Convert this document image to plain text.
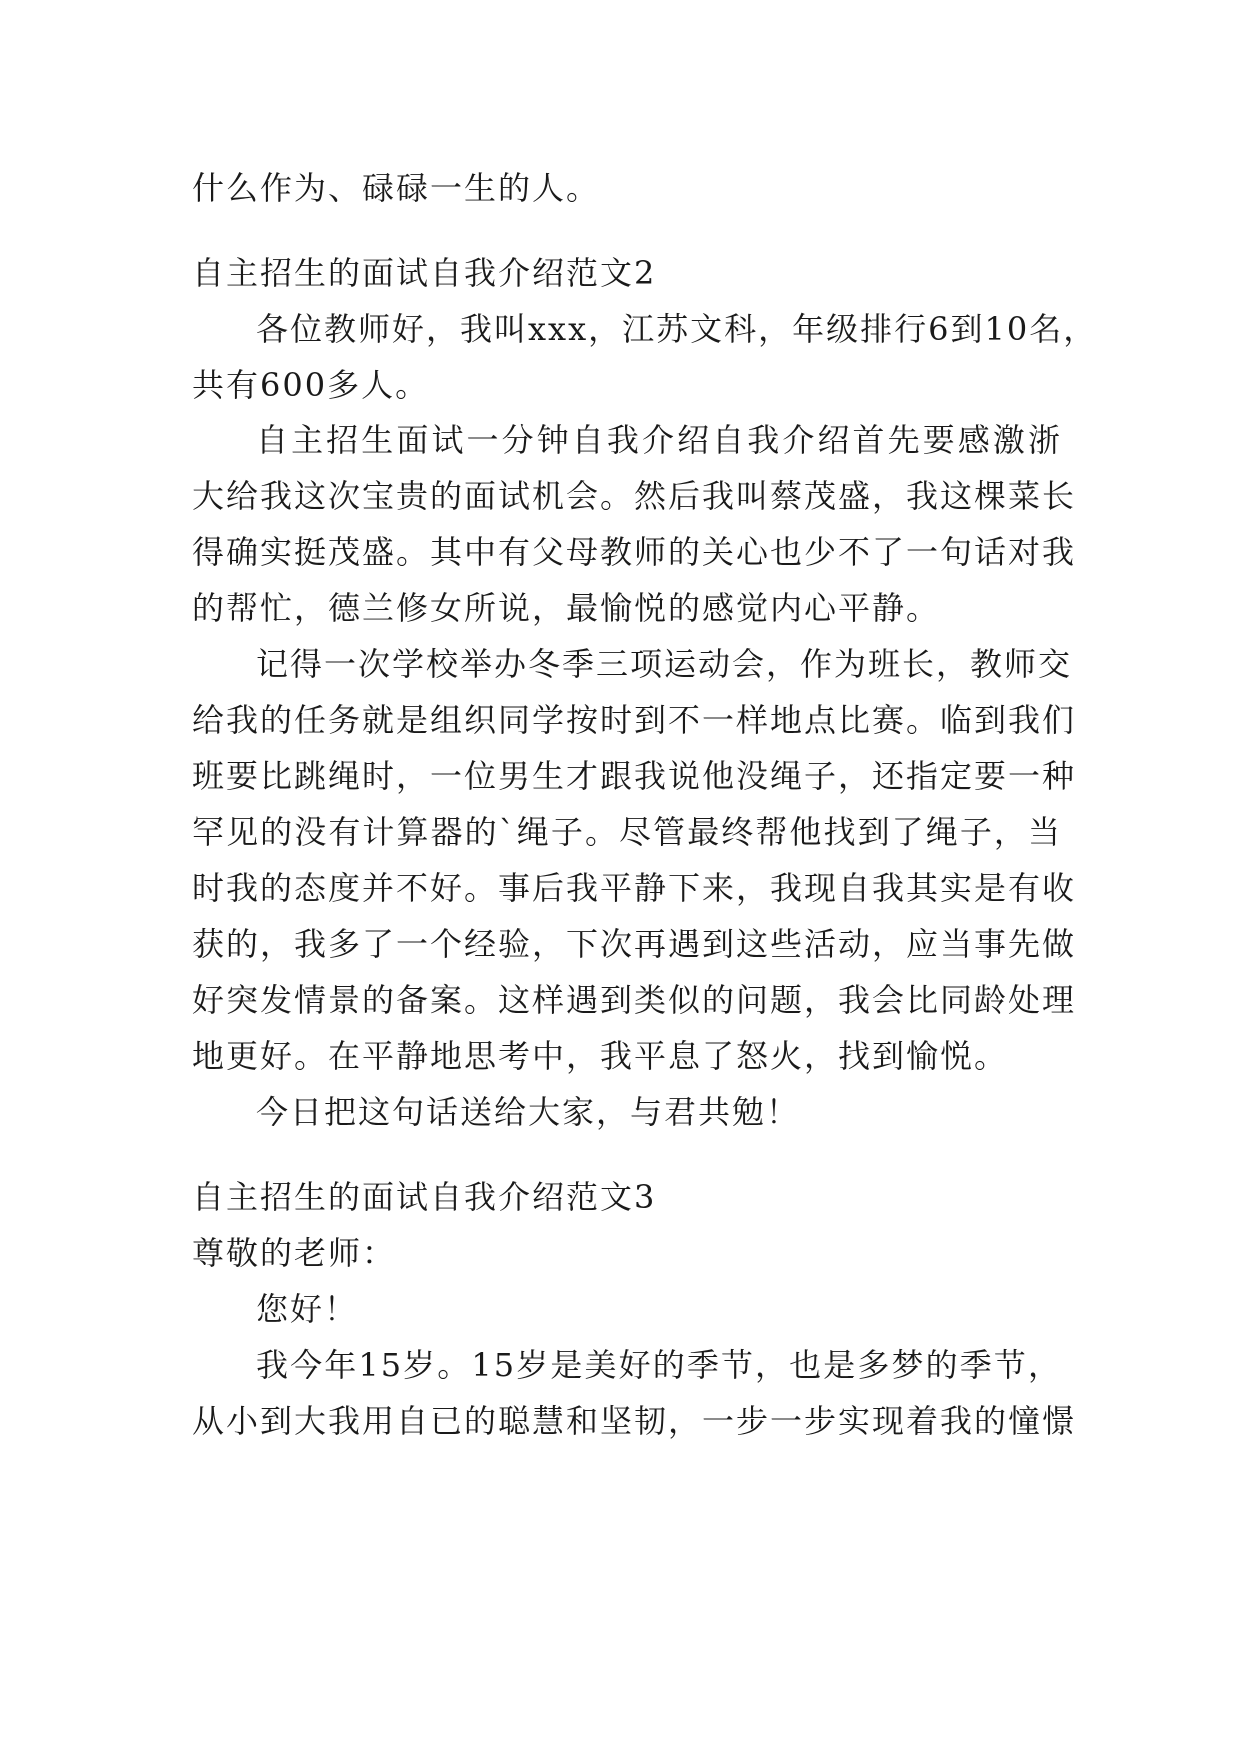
什么作为、碌碌一生的人。
自主招生的面试自我介绍范文2
各位教师好，我叫xxx，江苏文科，年级排行6到10名，
共有600多人。
自主招生面试一分钟自我介绍自我介绍首先要感激浙
大给我这次宝贵的面试机会。然后我叫蔡茂盛，我这棵菜长
得确实挺茂盛。其中有父母教师的关心也少不了一句话对我
的帮忙，德兰修女所说，最愉悦的感觉内心平静。
记得一次学校举办冬季三项运动会，作为班长，教师交
给我的任务就是组织同学按时到不一样地点比赛。临到我们
班要比跳绳时，一位男生才跟我说他没绳子，还指定要一种
罕见的没有计算器的`绳子。尽管最终帮他找到了绳子，当
时我的态度并不好。事后我平静下来，我现自我其实是有收
获的，我多了一个经验，下次再遇到这些活动，应当事先做
好突发情景的备案。这样遇到类似的问题，我会比同龄处理
地更好。在平静地思考中，我平息了怒火，找到愉悦。
今日把这句话送给大家，与君共勉！
自主招生的面试自我介绍范文3
尊敬的老师：
您好！
我今年15岁。15岁是美好的季节，也是多梦的季节，
从小到大我用自已的聪慧和坚韧，一步一步实现着我的憧憬
